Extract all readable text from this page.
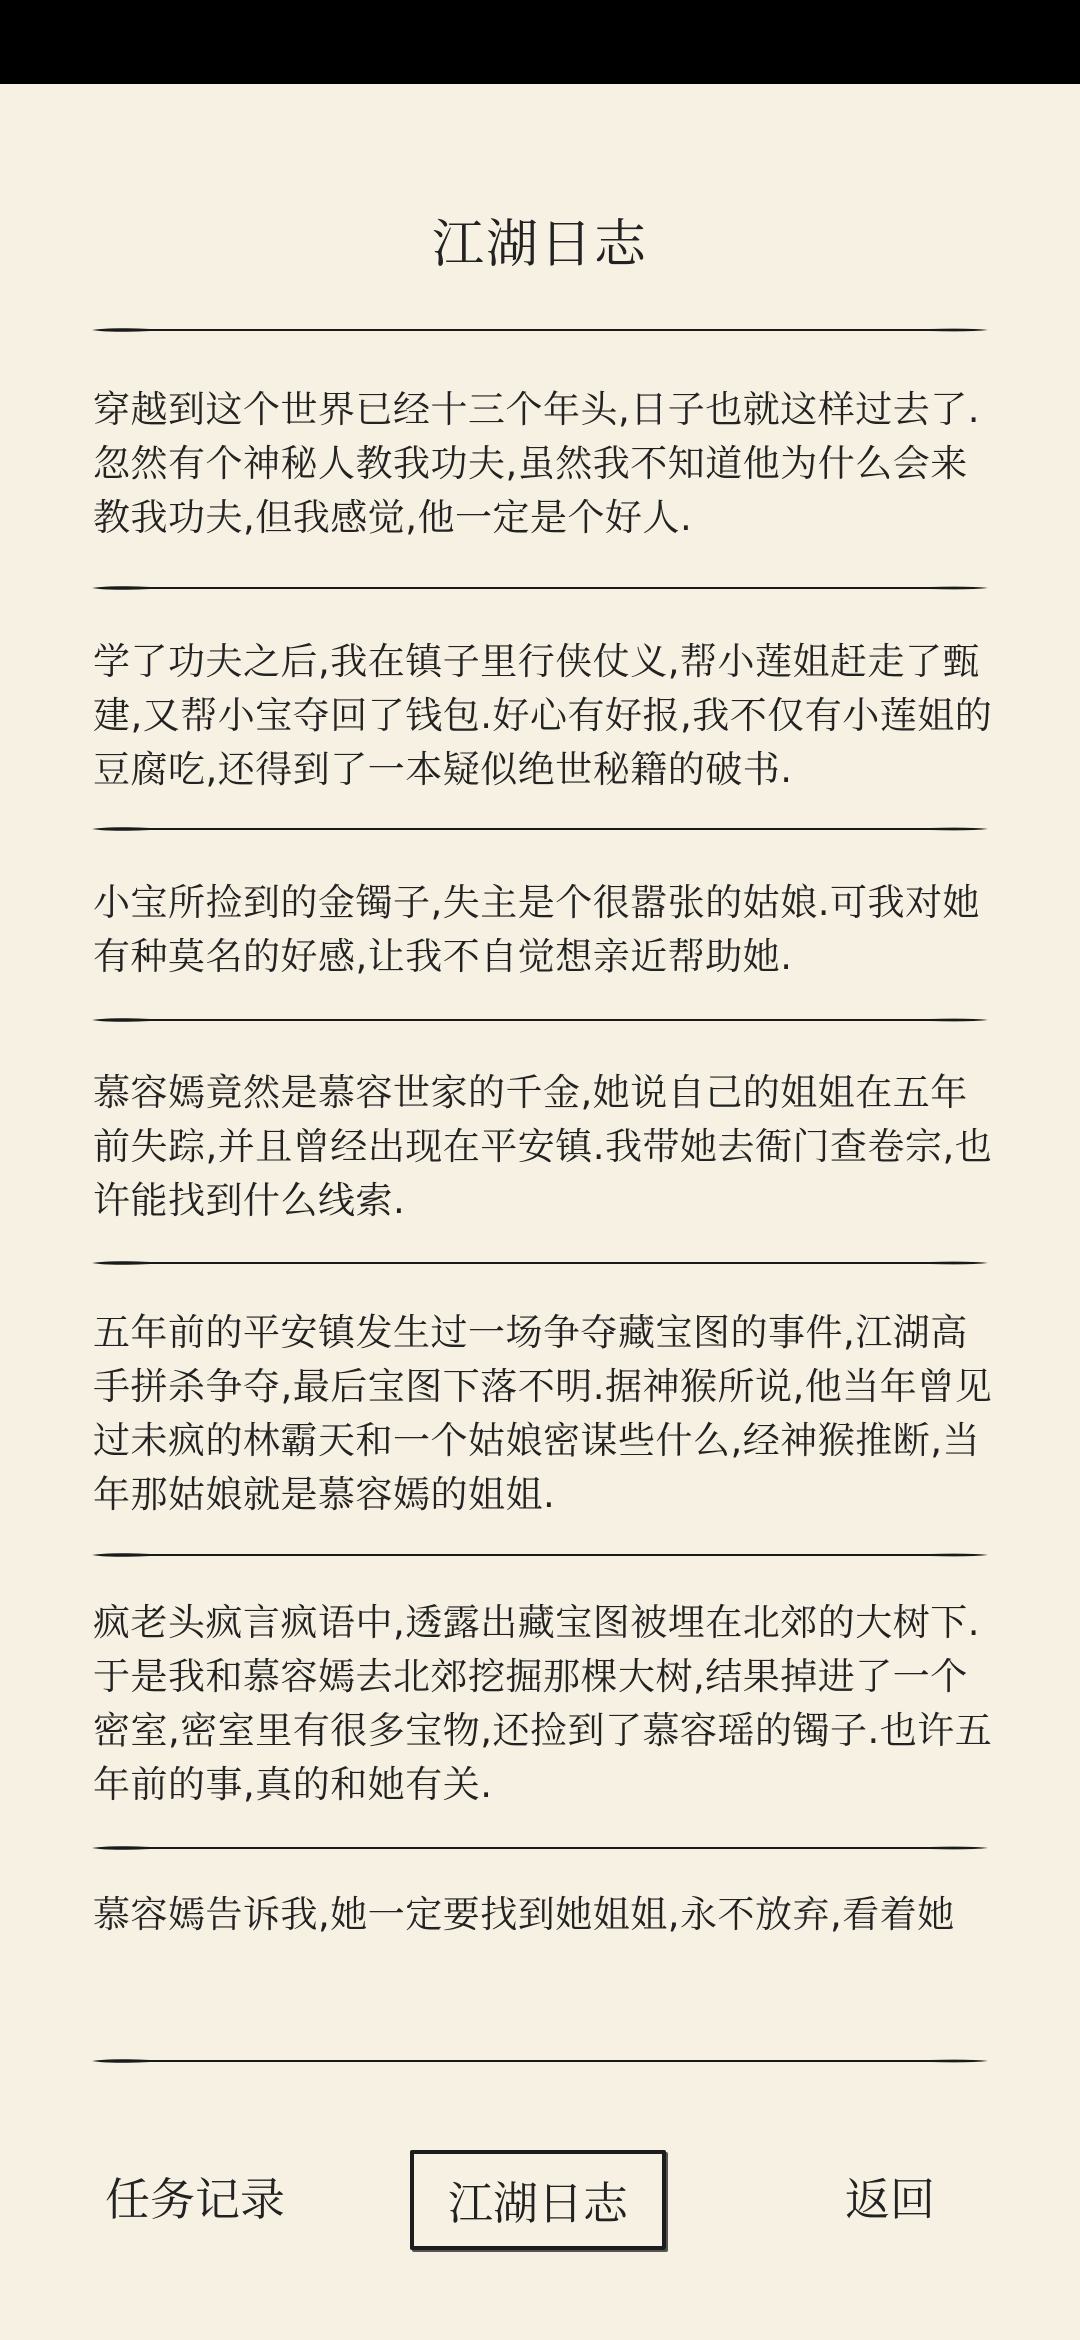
江湖日志
穿越到这个世界已经十三个年头,日子也就这样过去了.忽然有个神秘人教我功夫,虽然我不知道他为什么会来教我功夫,但我感觉,他一定是个好人.
学了功夫之后,我在镇子里行侠仗义,帮小莲姐赶走了甄建,又帮小宝夺回了钱包.好心有好报,我不仅有小莲姐的豆腐吃,还得到了一本疑似绝世秘籍的破书.
小宝所捡到的金镯子,失主是个很嚣张的姑娘.可我对她有种莫名的好感,让我不自觉想亲近帮助她.
慕容嫣竟然是慕容世家的千金,她说自己的姐姐在五年前失踪,并且曾经出现在平安镇.我带她去衙门查卷宗,也许能找到什么线索.
五年前的平安镇发生过一场争夺藏宝图的事件,江湖高手拼杀争夺,最后宝图下落不明.据神猴所说,他当年曾见过未疯的林霸天和一个姑娘密谋些什么,经神猴推断,当年那姑娘就是慕容嫣的姐姐.
疯老头疯言疯语中,透露出藏宝图被埋在北郊的大树下.于是我和慕容嫣去北郊挖掘那棵大树,结果掉进了一个密室,密室里有很多宝物,还捡到了慕容瑶的镯子.也许五年前的事,真的和她有关.
慕容嫣告诉我,她一定要找到她姐姐,永不放弃,看着她
任务记录	江湖日志	返回
